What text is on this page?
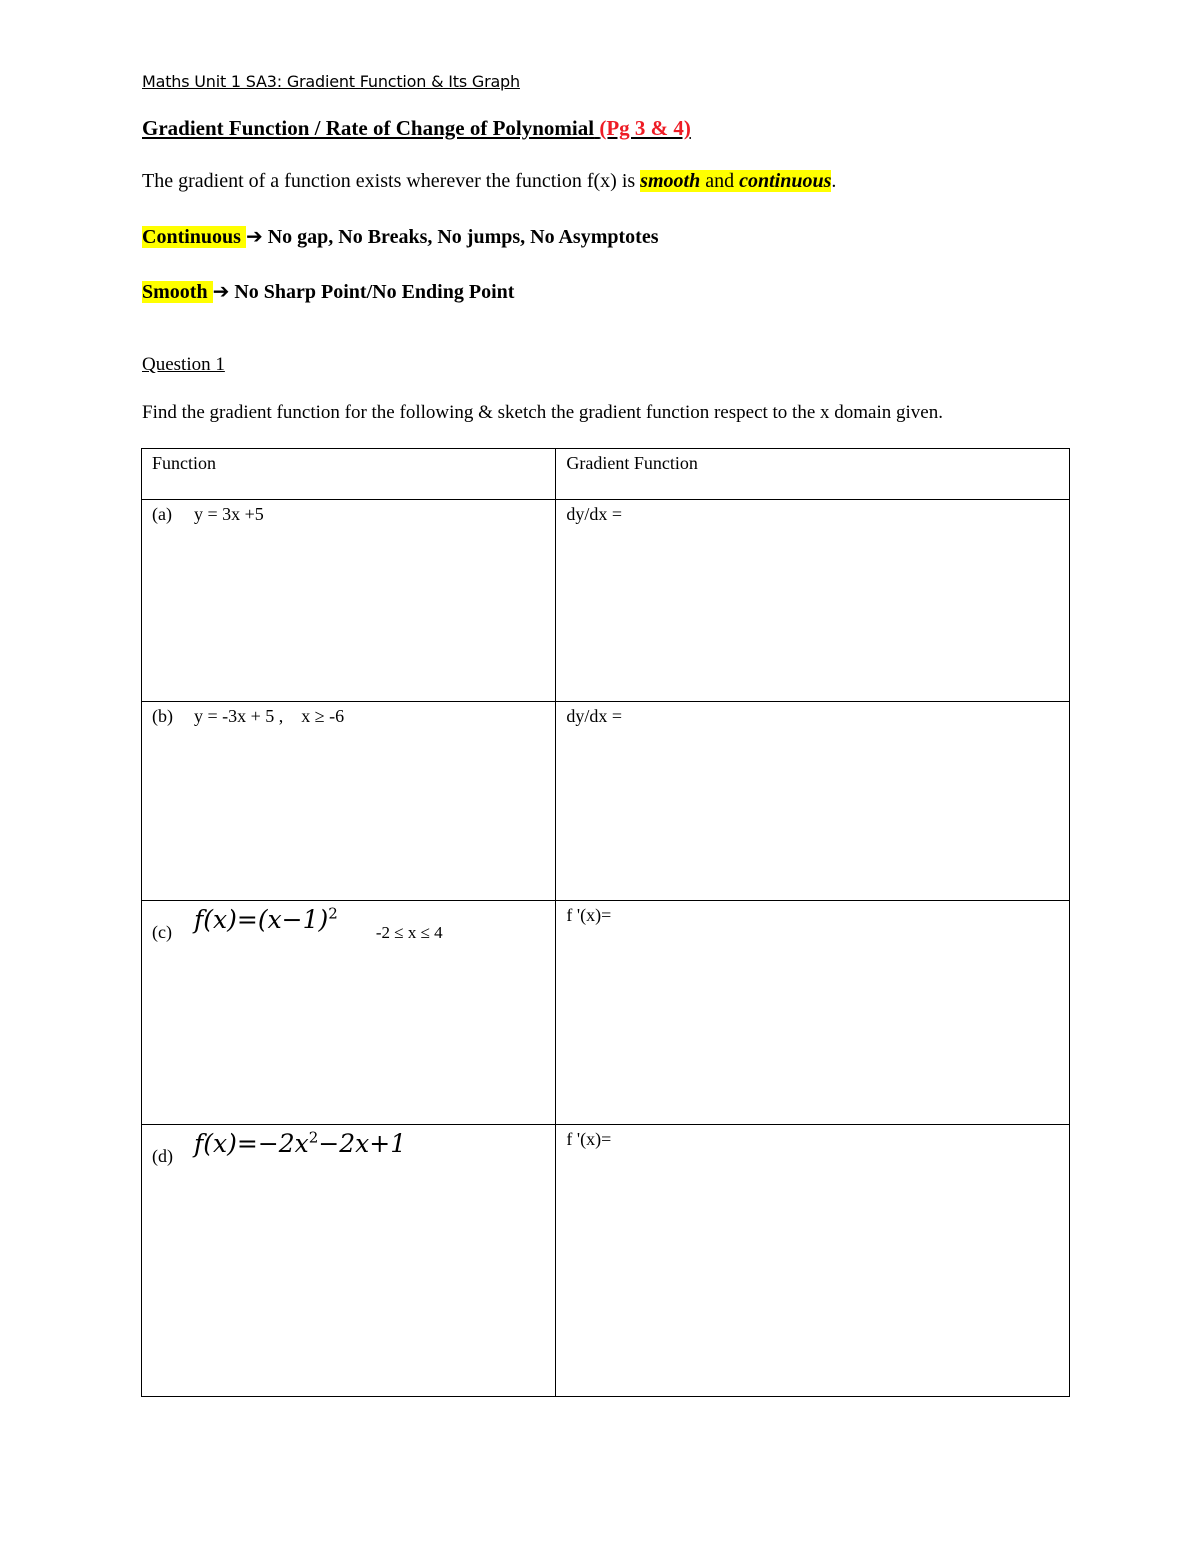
Maths Unit 1 SA3: Gradient Function & Its Graph
Gradient Function / Rate of Change of Polynomial (Pg 3 & 4)
The gradient of a function exists wherever the function f(x) is smooth and continuous.
Continuous ➔ No gap, No Breaks, No jumps, No Asymptotes
Smooth ➔ No Sharp Point/No Ending Point
Question 1
Find the gradient function for the following & sketch the gradient function respect to the x domain given.
Function	Gradient Function
(a) y = 3x +5	dy/dx =
(b) y = -3x + 5 , x ≥ -6	dy/dx =
(c) $f(x)=(x-1)^2-2 \le x \le 4$	f '(x)=
(d) $f(x)=-2x^2-2x+1$	f '(x)=
